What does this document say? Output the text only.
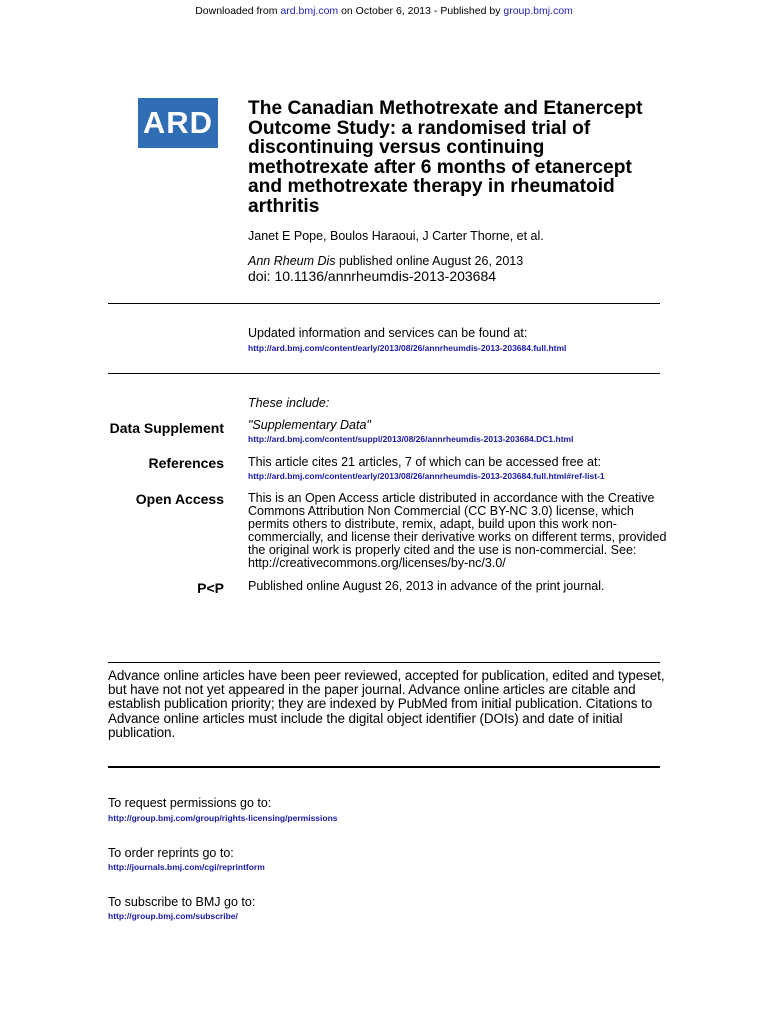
Downloaded from ard.bmj.com on October 6, 2013 - Published by group.bmj.com
ARD The Canadian Methotrexate and Etanercept Outcome Study: a randomised trial of discontinuing versus continuing methotrexate after 6 months of etanercept and methotrexate therapy in rheumatoid arthritis
Janet E Pope, Boulos Haraoui, J Carter Thorne, et al.
Ann Rheum Dis published online August 26, 2013
doi: 10.1136/annrheumdis-2013-203684
Updated information and services can be found at:
http://ard.bmj.com/content/early/2013/08/26/annrheumdis-2013-203684.full.html
These include:
Data Supplement "Supplementary Data"
http://ard.bmj.com/content/suppl/2013/08/26/annrheumdis-2013-203684.DC1.html
References This article cites 21 articles, 7 of which can be accessed free at:
http://ard.bmj.com/content/early/2013/08/26/annrheumdis-2013-203684.full.html#ref-list-1
Open Access This is an Open Access article distributed in accordance with the Creative Commons Attribution Non Commercial (CC BY-NC 3.0) license, which permits others to distribute, remix, adapt, build upon this work non-commercially, and license their derivative works on different terms, provided the original work is properly cited and the use is non-commercial. See: http://creativecommons.org/licenses/by-nc/3.0/
P<P Published online August 26, 2013 in advance of the print journal.
Advance online articles have been peer reviewed, accepted for publication, edited and typeset, but have not not yet appeared in the paper journal. Advance online articles are citable and establish publication priority; they are indexed by PubMed from initial publication. Citations to Advance online articles must include the digital object identifier (DOIs) and date of initial publication.
To request permissions go to:
http://group.bmj.com/group/rights-licensing/permissions
To order reprints go to:
http://journals.bmj.com/cgi/reprintform
To subscribe to BMJ go to:
http://group.bmj.com/subscribe/
